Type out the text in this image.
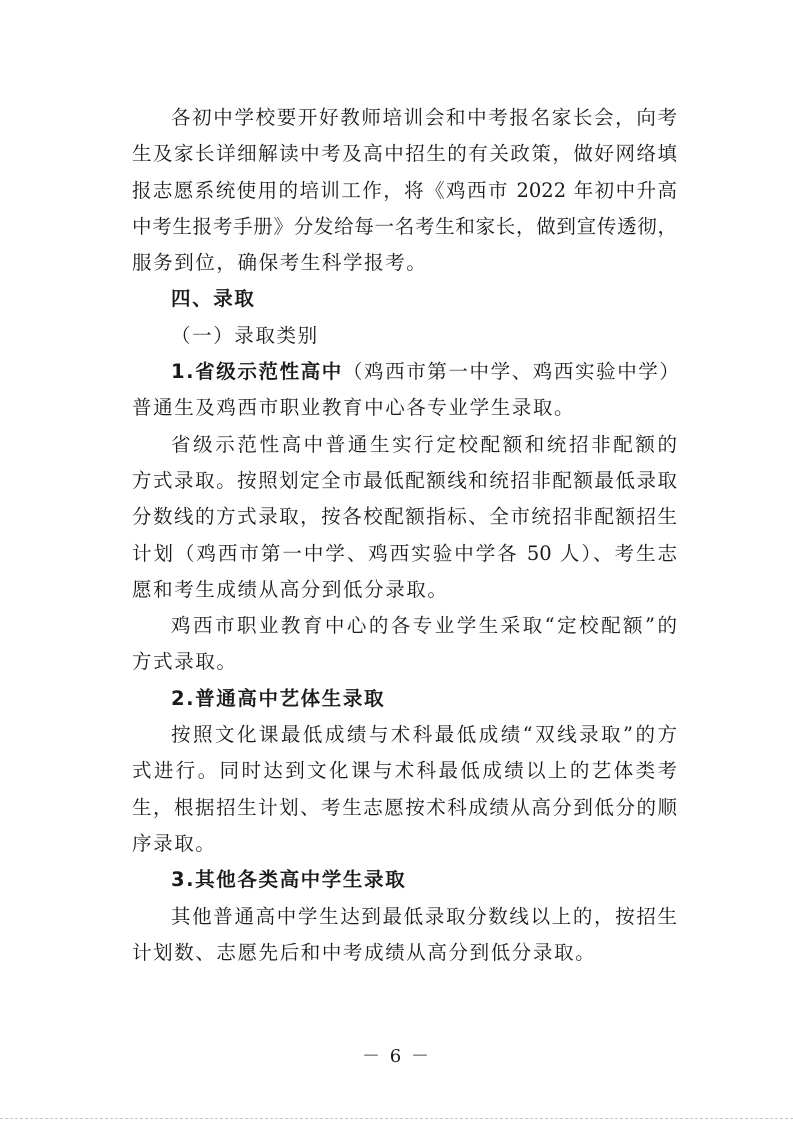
各初中学校要开好教师培训会和中考报名家长会，向考
生及家长详细解读中考及高中招生的有关政策，做好网络填
报志愿系统使用的培训工作，将《鸡西市 2022 年初中升高
中考生报考手册》分发给每一名考生和家长，做到宣传透彻，
服务到位，确保考生科学报考。
四、录取
（一）录取类别
1.省级示范性高中（鸡西市第一中学、鸡西实验中学）
普通生及鸡西市职业教育中心各专业学生录取。
省级示范性高中普通生实行定校配额和统招非配额的
方式录取。按照划定全市最低配额线和统招非配额最低录取
分数线的方式录取，按各校配额指标、全市统招非配额招生
计划（鸡西市第一中学、鸡西实验中学各 50 人）、考生志
愿和考生成绩从高分到低分录取。
鸡西市职业教育中心的各专业学生采取“定校配额”的
方式录取。
2.普通高中艺体生录取
按照文化课最低成绩与术科最低成绩“双线录取”的方
式进行。同时达到文化课与术科最低成绩以上的艺体类考
生，根据招生计划、考生志愿按术科成绩从高分到低分的顺
序录取。
3.其他各类高中学生录取
其他普通高中学生达到最低录取分数线以上的，按招生
计划数、志愿先后和中考成绩从高分到低分录取。
－ 6 －
